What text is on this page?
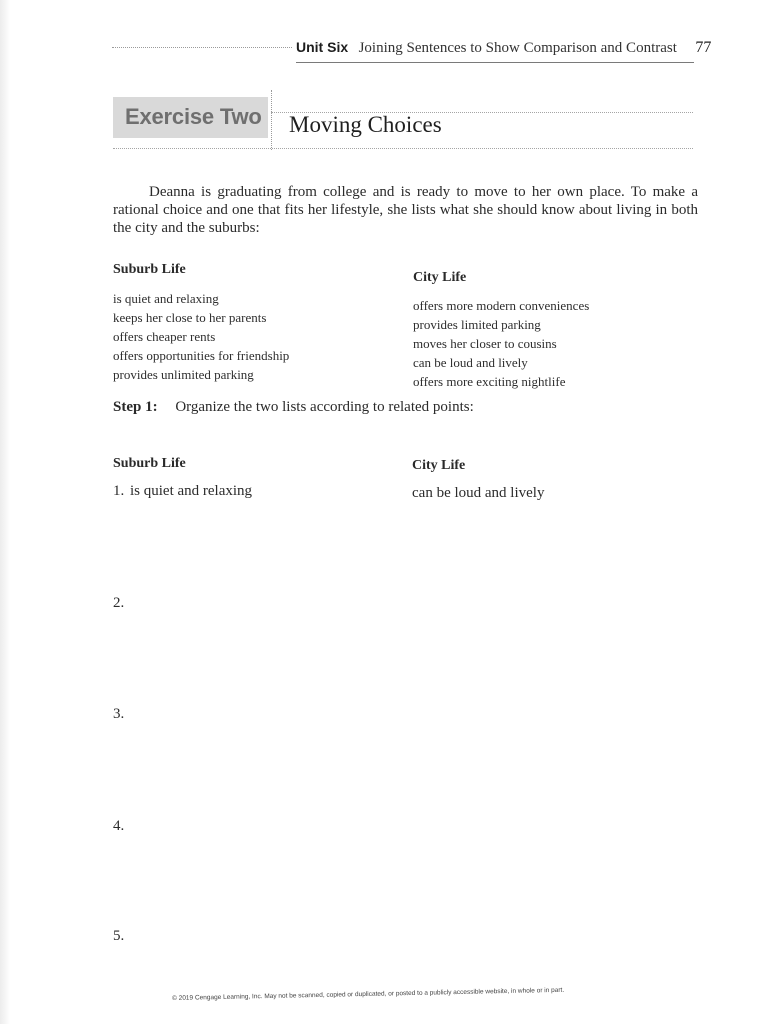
Unit Six Joining Sentences to Show Comparison and Contrast 77
Exercise Two Moving Choices

Deanna is graduating from college and is ready to move to her own place. To make a rational choice and one that fits her lifestyle, she lists what she should know about living in both the city and the suburbs:

Suburb Life
is quiet and relaxing
keeps her close to her parents
offers cheaper rents
offers opportunities for friendship
provides unlimited parking
City Life
offers more modern conveniences
provides limited parking
moves her closer to cousins
can be loud and lively
offers more exciting nightlife
Step 1: Organize the two lists according to related points:
Suburb Life	City Life
1. is quiet and relaxing	can be loud and lively
2.
3.
4.
5.
© 2019 Cengage Learning, Inc. May not be scanned, copied or duplicated, or posted to a publicly accessible website, in whole or in part.
